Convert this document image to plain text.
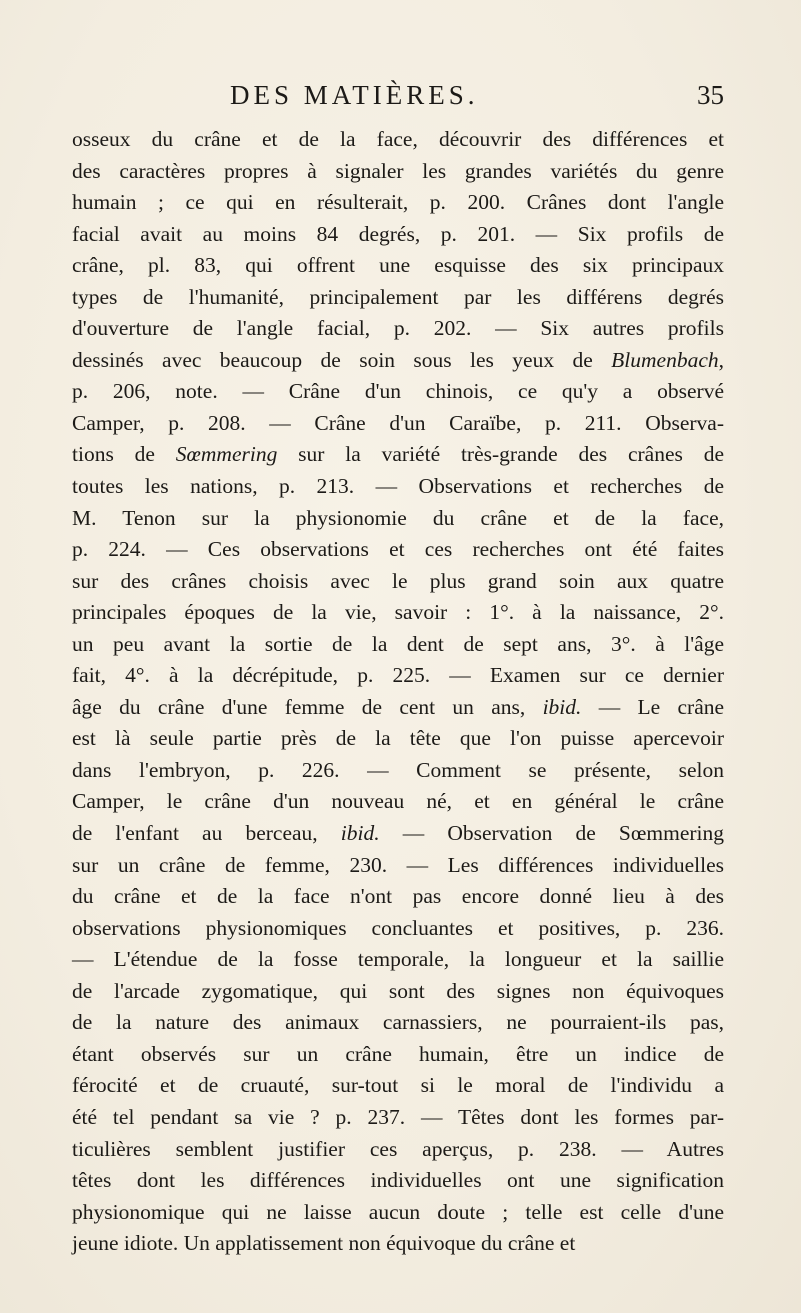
DES MATIÈRES.	35
osseux du crâne et de la face, découvrir des différences et
des caractères propres à signaler les grandes variétés du genre
humain ; ce qui en résulterait, p. 200. Crânes dont l'angle
facial avait au moins 84 degrés, p. 201. — Six profils de
crâne, pl. 83, qui offrent une esquisse des six principaux
types de l'humanité, principalement par les différens degrés
d'ouverture de l'angle facial, p. 202. — Six autres profils
dessinés avec beaucoup de soin sous les yeux de Blumenbach,
p. 206, note. — Crâne d'un chinois, ce qu'y a observé
Camper, p. 208. — Crâne d'un Caraïbe, p. 211. Observa-
tions de Sœmmering sur la variété très-grande des crânes de
toutes les nations, p. 213. — Observations et recherches de
M. Tenon sur la physionomie du crâne et de la face,
p. 224. — Ces observations et ces recherches ont été faites
sur des crânes choisis avec le plus grand soin aux quatre
principales époques de la vie, savoir : 1°. à la naissance, 2°.
un peu avant la sortie de la dent de sept ans, 3°. à l'âge
fait, 4°. à la décrépitude, p. 225. — Examen sur ce dernier
âge du crâne d'une femme de cent un ans, ibid. — Le crâne
est là seule partie près de la tête que l'on puisse apercevoir
dans l'embryon, p. 226. — Comment se présente, selon
Camper, le crâne d'un nouveau né, et en général le crâne
de l'enfant au berceau, ibid. — Observation de Sœmmering
sur un crâne de femme, 230. — Les différences individuelles
du crâne et de la face n'ont pas encore donné lieu à des
observations physionomiques concluantes et positives, p. 236.
— L'étendue de la fosse temporale, la longueur et la saillie
de l'arcade zygomatique, qui sont des signes non équivoques
de la nature des animaux carnassiers, ne pourraient-ils pas,
étant observés sur un crâne humain, être un indice de
férocité et de cruauté, sur-tout si le moral de l'individu a
été tel pendant sa vie ? p. 237. — Têtes dont les formes par-
ticulières semblent justifier ces aperçus, p. 238. — Autres
têtes dont les différences individuelles ont une signification
physionomique qui ne laisse aucun doute ; telle est celle d'une
jeune idiote. Un applatissement non équivoque du crâne et
